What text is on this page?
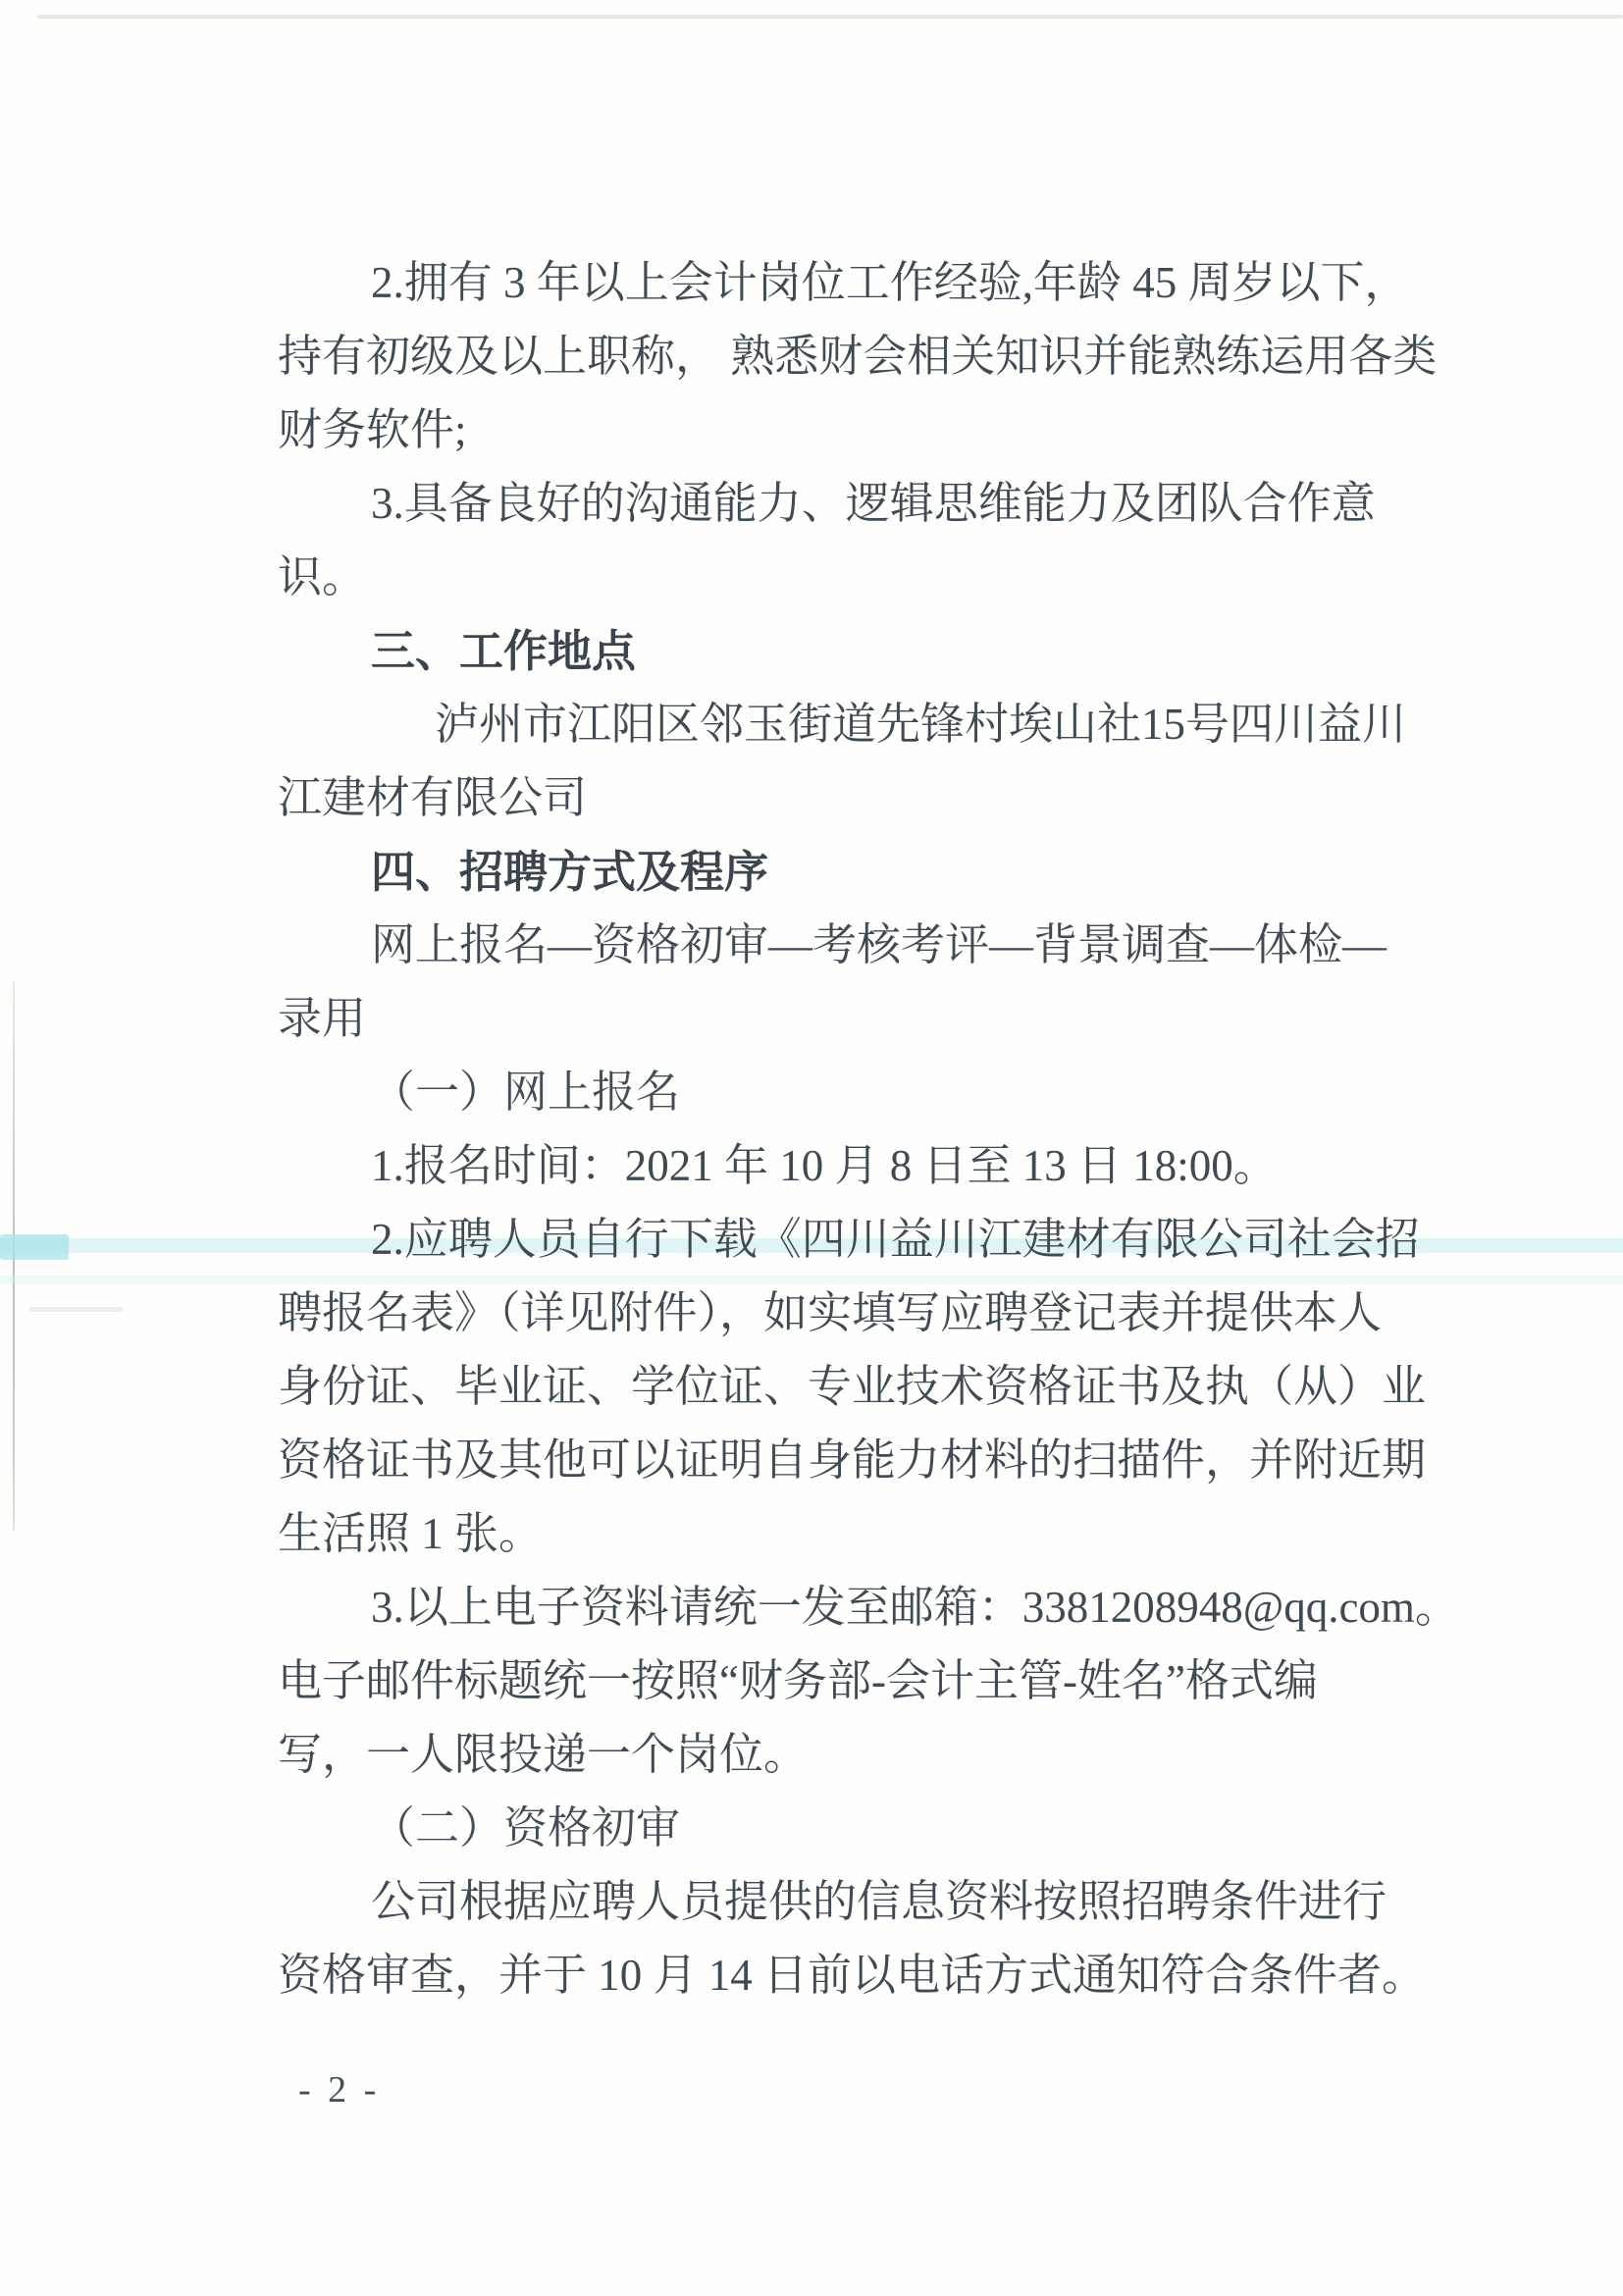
2.拥有 3 年以上会计岗位工作经验,年龄 45 周岁以下，
持有初级及以上职称， 熟悉财会相关知识并能熟练运用各类
财务软件;
3.具备良好的沟通能力、逻辑思维能力及团队合作意
识。
三、工作地点
泸州市江阳区邻玉街道先锋村埃山社15号四川益川
江建材有限公司
四、招聘方式及程序
网上报名—资格初审—考核考评—背景调查—体检—
录用
（一）网上报名
1.报名时间：2021 年 10 月 8 日至 13 日 18:00。
2.应聘人员自行下载《四川益川江建材有限公司社会招
聘报名表》（详见附件），如实填写应聘登记表并提供本人
身份证、毕业证、学位证、专业技术资格证书及执（从）业
资格证书及其他可以证明自身能力材料的扫描件，并附近期
生活照 1 张。
3.以上电子资料请统一发至邮箱：3381208948@qq.com。
电子邮件标题统一按照“财务部-会计主管-姓名”格式编
写，一人限投递一个岗位。
（二）资格初审
公司根据应聘人员提供的信息资料按照招聘条件进行
资格审查，并于 10 月 14 日前以电话方式通知符合条件者。
- 2 -
